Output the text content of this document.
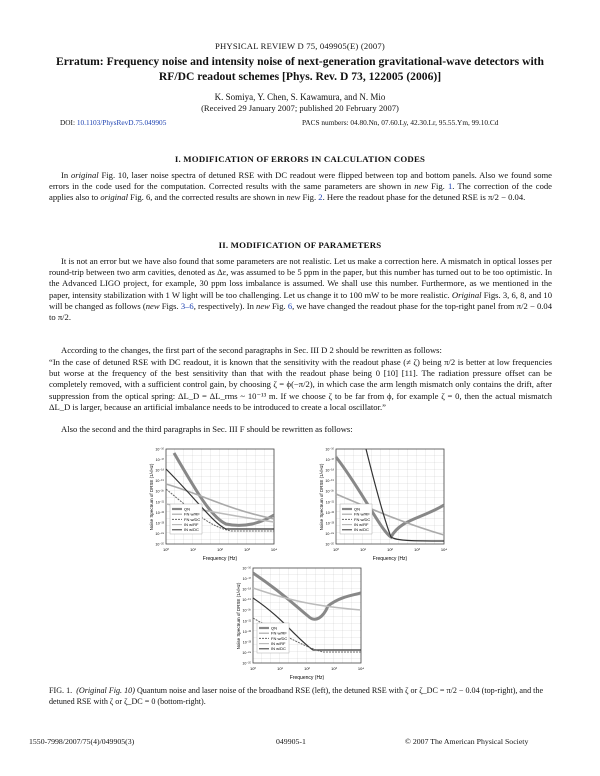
PHYSICAL REVIEW D 75, 049905(E) (2007)
Erratum: Frequency noise and intensity noise of next-generation gravitational-wave detectors with RF/DC readout schemes [Phys. Rev. D 73, 122005 (2006)]
K. Somiya, Y. Chen, S. Kawamura, and N. Mio
(Received 29 January 2007; published 20 February 2007)
DOI: 10.1103/PhysRevD.75.049905	PACS numbers: 04.80.Nn, 07.60.Ly, 42.30.Lr, 95.55.Ym, 99.10.Cd
I. MODIFICATION OF ERRORS IN CALCULATION CODES
In original Fig. 10, laser noise spectra of detuned RSE with DC readout were flipped between top and bottom panels. Also we found some errors in the code used for the computation. Corrected results with the same parameters are shown in new Fig. 1. The correction of the code applies also to original Fig. 6, and the corrected results are shown in new Fig. 2. Here the readout phase for the detuned RSE is π/2 − 0.04.
II. MODIFICATION OF PARAMETERS
It is not an error but we have also found that some parameters are not realistic. Let us make a correction here. A mismatch in optical losses per round-trip between two arm cavities, denoted as Δε, was assumed to be 5 ppm in the paper, but this number has turned out to be too optimistic. In the Advanced LIGO project, for example, 30 ppm loss imbalance is assumed. We shall use this number. Furthermore, as we mentioned in the paper, intensity stabilization with 1 W light will be too challenging. Let us change it to 100 mW to be more realistic. Original Figs. 3, 6, 8, and 10 will be changed as follows (new Figs. 3–6, respectively). In new Fig. 6, we have changed the readout phase for the top-right panel from π/2 − 0.04 to π/2.
According to the changes, the first part of the second paragraphs in Sec. III D 2 should be rewritten as follows:
“In the case of detuned RSE with DC readout, it is known that the sensitivity with the readout phase (≠ ζ) being π/2 is better at low frequencies but worse at the frequency of the best sensitivity than that with the readout phase being 0 [10] [11]. The radiation pressure offset can be completely removed, with a sufficient control gain, by choosing ζ = ϕ(−π/2), in which case the arm length mismatch only contains the drift, after suppression from the optical spring: ΔL_D = ΔL_rms ~ 10⁻¹³ m. If we choose ζ to be far from ϕ, for example ζ = 0, then the actual mismatch ΔL_D is larger, because an artificial imbalance needs to be introduced to create a local oscillator.”
Also the second and the third paragraphs in Sec. III F should be rewritten as follows:
Noise Spectrum of DRSE (1/√Hz)
Frequency (Hz)
10⁰	10¹	10²	10³	10⁴
10⁻¹⁶
10⁻¹⁷
10⁻¹⁸
10⁻¹⁹
10⁻²⁰
10⁻²¹
10⁻²²
10⁻²³
10⁻²⁴
10⁻²⁵
QN
FN w/RF
FN w/DC
IN w/RF
IN w/DC	Noise Spectrum of DRSE (1/√Hz)
Frequency (Hz)
10⁰	10¹	10²	10³	10⁴
10⁻¹⁶
10⁻¹⁷
10⁻¹⁸
10⁻¹⁹
10⁻²⁰
10⁻²¹
10⁻²²
10⁻²³
10⁻²⁴
10⁻²⁵
QN
FN w/RF
FN w/DC
IN w/RF
IN w/DC
Noise Spectrum of DRSE (1/√Hz)
Frequency (Hz)
10⁰	10¹	10²	10³	10⁴
10⁻¹⁶
10⁻¹⁷
10⁻¹⁸
10⁻¹⁹
10⁻²⁰
10⁻²¹
10⁻²²
10⁻²³
10⁻²⁴
10⁻²⁵
QN
FN w/RF
FN w/DC
IN w/RF
IN w/DC
FIG. 1. (Original Fig. 10) Quantum noise and laser noise of the broadband RSE (left), the detuned RSE with ζ or ζ_DC = π/2 − 0.04 (top-right), and the detuned RSE with ζ or ζ_DC = 0 (bottom-right).
1550-7998/2007/75(4)/049905(3)	049905-1	© 2007 The American Physical Society
